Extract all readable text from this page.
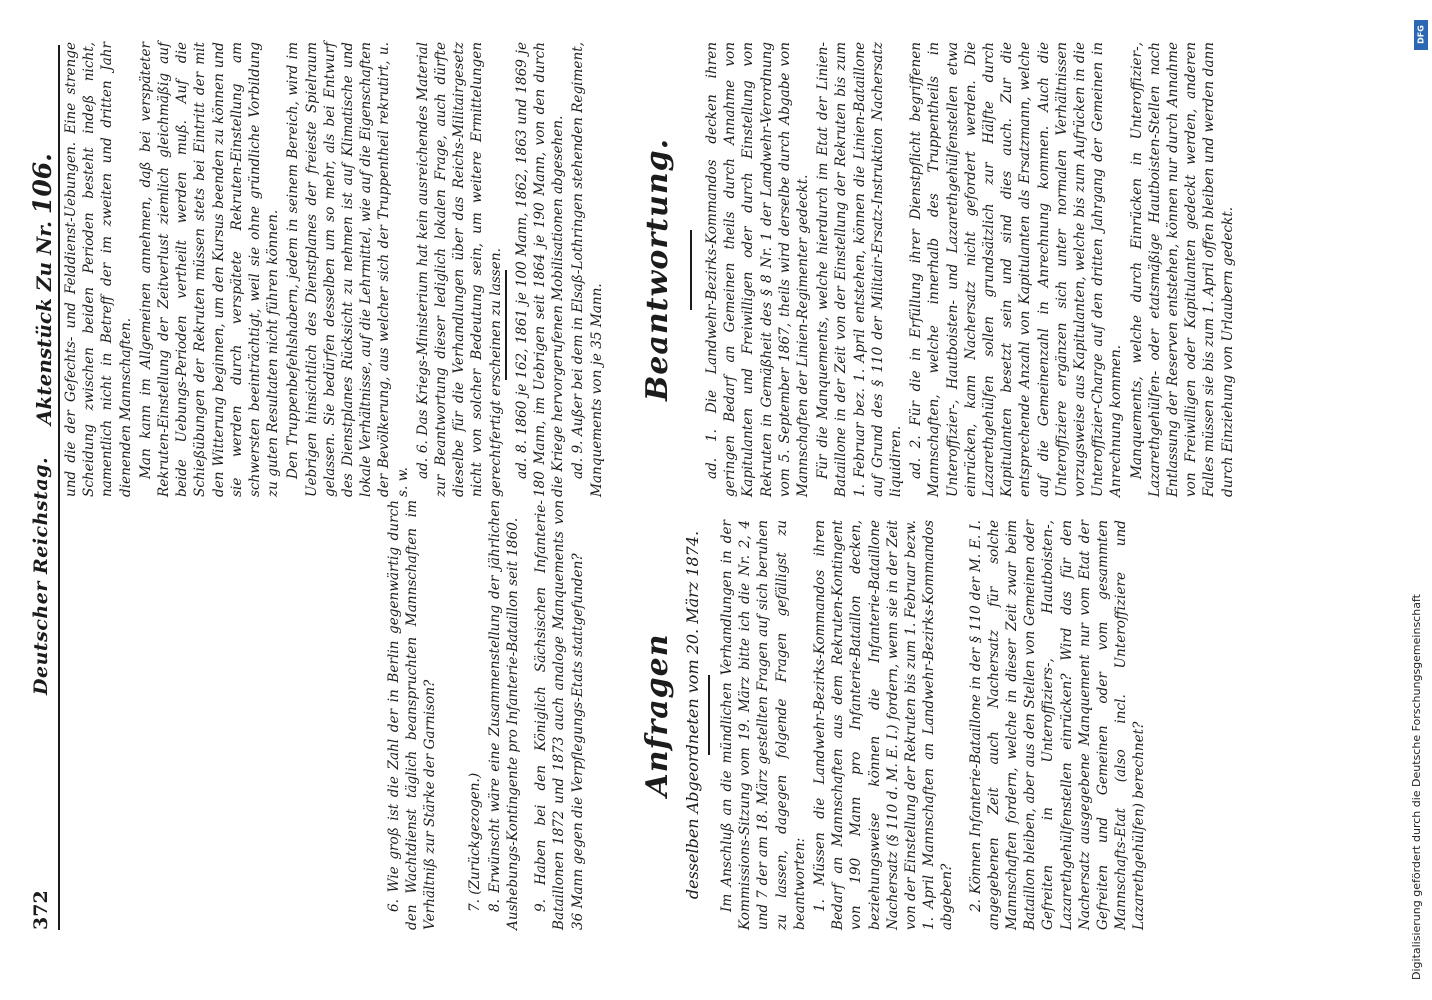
372
Deutscher Reichstag.
Aktenstück Zu Nr. 106.

6. Wie groß ist die Zahl der in Berlin gegenwärtig durch den Wachtdienst täglich beanspruchten Mannschaften im Verhältniß zur Stärke der Garnison? 7. (Zurückgezogen.) 8. Erwünscht wäre eine Zusammenstellung der jährlichen Aushebungs-Kontingente pro Infanterie-Bataillon seit 1860. 9. Haben bei den Königlich Sächsischen Infanterie-Bataillonen 1872 und 1873 auch analoge Manquements von 36 Mann gegen die Verpflegungs-Etats stattgefunden?

und die der Gefechts- und Felddienst-Uebungen. Eine strenge Scheidung zwischen beiden Perioden besteht indeß nicht, namentlich nicht in Betreff der im zweiten und dritten Jahr dienenden Mannschaften. Man kann im Allgemeinen annehmen, daß bei verspäteter Rekruten-Einstellung der Zeitverlust ziemlich gleichmäßig auf beide Uebungs-Perioden vertheilt werden muß. Auf die Schießübungen der Rekruten müssen stets bei Eintritt der mit den Witterung beginnen, um den Kursus beenden zu können und sie werden durch verspätete Rekruten-Einstellung am schwersten beeinträchtigt, weil sie ohne gründliche Vorbildung zu guten Resultaten nicht führen können. Den Truppenbefehlshabern, jedem in seinem Bereich, wird im Uebrigen hinsichtlich des Dienstplanes der freieste Spielraum gelassen. Sie bedürfen desselben um so mehr, als bei Entwurf des Dienstplanes Rücksicht zu nehmen ist auf Klimatische und lokale Verhältnisse, auf die Lehrmittel, wie auf die Eigenschaften der Bevölkerung, aus welcher sich der Truppentheil rekrutirt, u. s. w.

ad. 6. Das Kriegs-Ministerium hat kein ausreichendes Material zur Beantwortung dieser lediglich lokalen Frage, auch dürfte dieselbe für die Verhandlungen über das Reichs-Militairgesetz nicht von solcher Bedeutung sein, um weitere Ermittelungen gerechtfertigt erscheinen zu lassen. ad. 8. 1860 je 162, 1861 je 100 Mann, 1862, 1863 und 1869 je 180 Mann, im Uebrigen seit 1864 je 190 Mann, von den durch die Kriege hervorgerufenen Mobilisationen abgesehen. ad. 9. Außer bei dem in Elsaß-Lothringen stehenden Regiment, Manquements von je 35 Mann.

Anfragen desselben Abgeordneten vom 20. März 1874. Im Anschluß an die mündlichen Verhandlungen in der Kommissions-Sitzung vom 19. März bitte ich die Nr. 2, 4 und 7 der am 18. März gestellten Fragen auf sich beruhen zu lassen, dagegen folgende Fragen gefälligst zu beantworten: 1. Müssen die Landwehr-Bezirks-Kommandos ihren Bedarf an Mannschaften aus dem Rekruten-Kontingent von 190 Mann pro Infanterie-Bataillon decken, beziehungsweise können die Infanterie-Bataillone Nachersatz (§ 110 d. M. E. I.) fordern, wenn sie in der Zeit von der Einstellung der Rekruten bis zum 1. Februar bezw. 1. April Mannschaften an Landwehr-Bezirks-Kommandos abgeben? 2. Können Infanterie-Bataillone in der § 110 der M. E. I. angegebenen Zeit auch Nachersatz für solche Mannschaften fordern, welche in dieser Zeit zwar beim Bataillon bleiben, aber aus den Stellen von Gemeinen oder Gefreiten in Unteroffiziers-, Hautboisten-, Lazarethgehülfenstellen einrücken? Wird das für den Nachersatz ausgegebene Manquement nur vom Etat der Gefreiten und Gemeinen oder vom gesammten Mannschafts-Etat (also incl. Unteroffiziere und Lazarethgehülfen) berechnet?

Beantwortung. ad. 1. Die Landwehr-Bezirks-Kommandos decken ihren geringen Bedarf an Gemeinen theils durch Annahme von Kapitulanten und Freiwilligen oder durch Einstellung von Rekruten in Gemäßheit des § 8 Nr. 1 der Landwehr-Verordnung vom 5. September 1867, theils wird derselbe durch Abgabe von Mannschaften der Linien-Regimenter gedeckt. Für die Manquements, welche hierdurch im Etat der Linien-Bataillone in der Zeit von der Einstellung der Rekruten bis zum 1. Februar bez. 1. April entstehen, können die Linien-Bataillone auf Grund des § 110 der Militair-Ersatz-Instruktion Nachersatz liquidiren. ad. 2. Für die in Erfüllung ihrer Dienstpflicht begriffenen Mannschaften, welche innerhalb des Truppentheils in Unteroffizier-, Hautboisten- und Lazarethgehülfenstellen etwa einrücken, kann Nachersatz nicht gefordert werden. Die Lazarethgehülfen sollen grundsätzlich zur Hälfte durch Kapitulanten besetzt sein und sind dies auch. Zur die entsprechende Anzahl von Kapitulanten als Ersatzmann, welche auf die Gemeinenzahl in Anrechnung kommen. Auch die Unteroffiziere ergänzen sich unter normalen Verhältnissen vorzugsweise aus Kapitulanten, welche bis zum Aufrücken in die Unteroffizier-Charge auf den dritten Jahrgang der Gemeinen in Anrechnung kommen. Manquements, welche durch Einrücken in Unteroffizier-, Lazarethgehülfen- oder etatsmäßige Hautboisten-Stellen nach Entlassung der Reserven entstehen, können nur durch Annahme von Freiwilligen oder Kapitulanten gedeckt werden, anderen Falles müssen sie bis zum 1. April offen bleiben und werden dann durch Einziehung von Urlaubern gedeckt.

Digitalisierung gefördert durch die Deutsche Forschungsgemeinschaft
DFG
